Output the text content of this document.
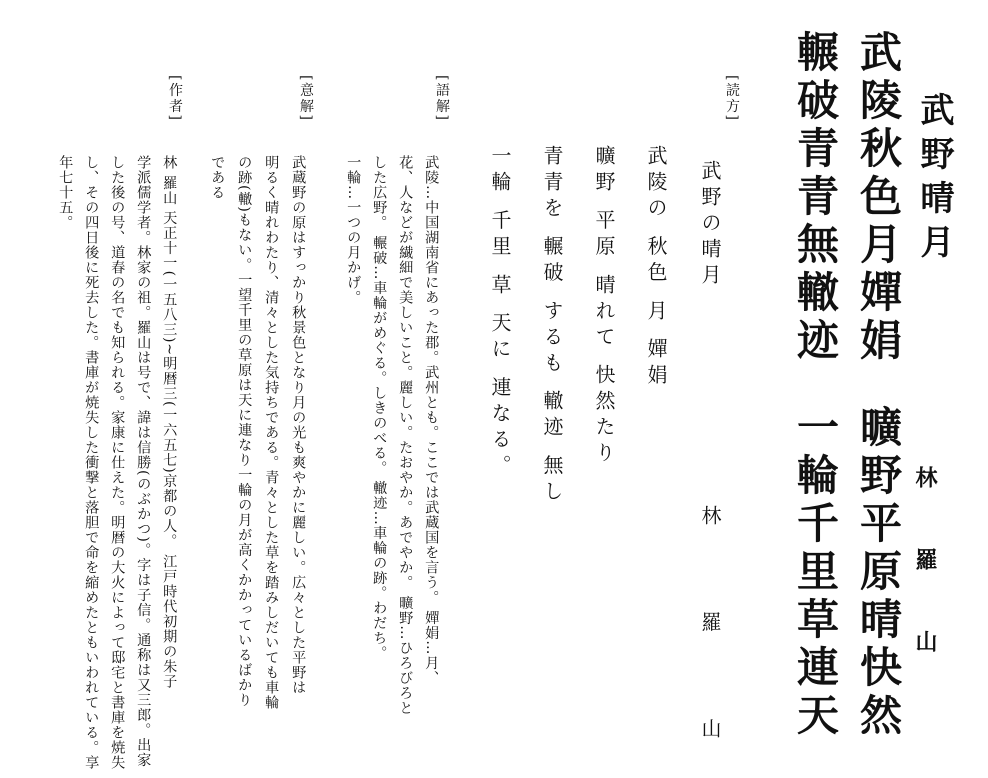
武野晴月
武陵秋色月嬋娟
輾破青青無轍迹
曠野平原晴快然
一輪千里草連天	林羅山
[読方]
武野の晴月
武陵の 秋色 月 嬋娟
曠野 平原 晴れて 快然たり
青青を 輾破 するも 轍迹 無し
一輪 千里 草 天に 連なる。
林 羅 山
[語解]
武陵…中国湖南省にあった郡。武州とも。ここでは武蔵国を言う。 嬋娟…月、
花、人などが繊細で美しいこと。麗しい。たおやか。あでやか。 曠野…ひろびろと
した広野。 輾破…車輪がめぐる。しきのべる。 轍迹…車輪の跡。わだち。
一輪…一つの月かげ。
[意解]
武蔵野の原はすっかり秋景色となり月の光も爽やかに麗しい。広々とした平野は
明るく晴れわたり、清々とした気持ちである。青々とした草を踏みしだいても車輪
の跡(轍)もない。一望千里の草原は天に連なり一輪の月が高くかかっているばかり
である
[作者]
林 羅山 天正十一(一五八三)~明暦三(一六五七)京都の人。 江戸時代初期の朱子
学派儒学者。林家の祖。羅山は号で、諱は信勝(のぶかつ)。字は子信。通称は又三郎。出家
した後の号、道春の名でも知られる。家康に仕えた。明暦の大火によって邸宅と書庫を焼失
し、その四日後に死去した。書庫が焼失した衝撃と落胆で命を縮めたともいわれている。享
年七十五。
